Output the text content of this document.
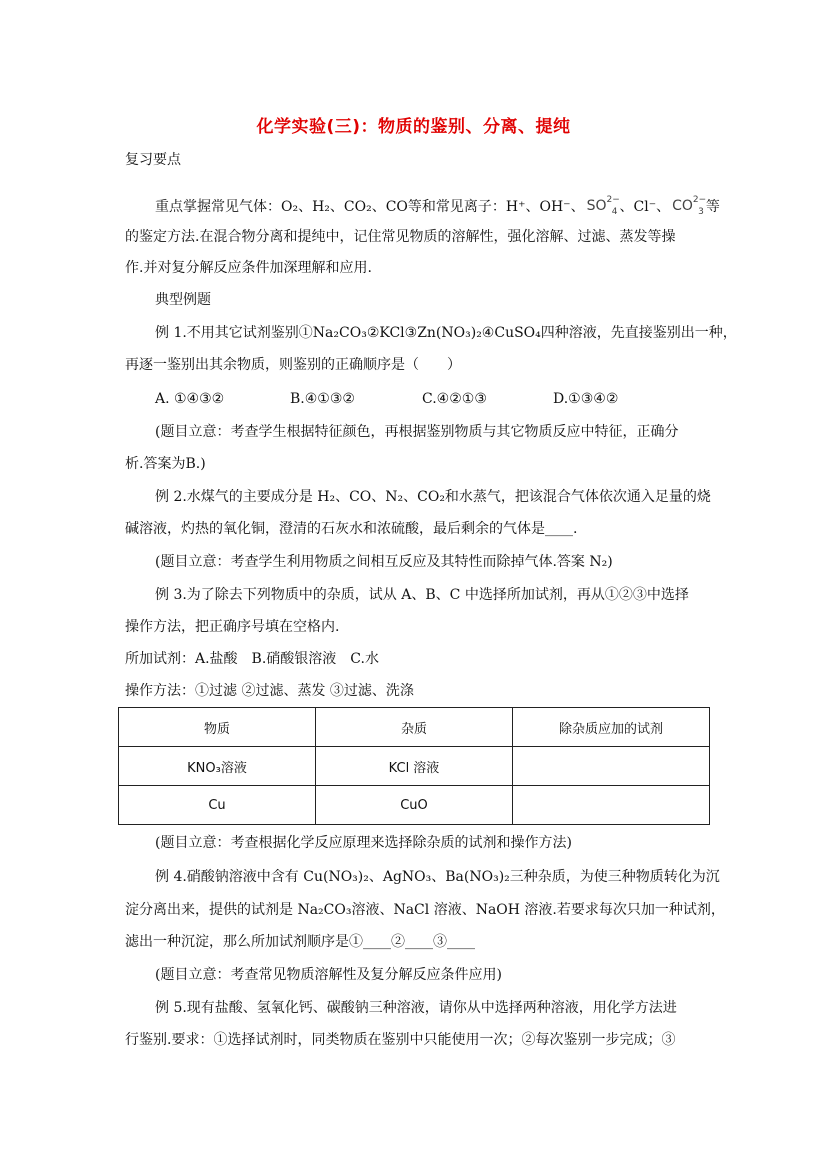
化学实验(三)：物质的鉴别、分离、提纯
复习要点
重点掌握常见气体：O₂、H₂、CO₂、CO等和常见离子：H⁺、OH⁻、 $SO^{2-}_4$ 、Cl⁻、 $CO^{2-}_3$ 等
的鉴定方法.在混合物分离和提纯中，记住常见物质的溶解性，强化溶解、过滤、蒸发等操
作.并对复分解反应条件加深理解和应用.
典型例题
例 1.不用其它试剂鉴别①Na₂CO₃②KCl③Zn(NO₃)₂④CuSO₄四种溶液，先直接鉴别出一种，
再逐一鉴别出其余物质，则鉴别的正确顺序是（　　）
A. ①④③②	B.④①③②	C.④②①③	D.①③④②
(题目立意：考查学生根据特征颜色，再根据鉴别物质与其它物质反应中特征，正确分
析.答案为B.)
例 2.水煤气的主要成分是 H₂、CO、N₂、CO₂和水蒸气，把该混合气体依次通入足量的烧
碱溶液，灼热的氧化铜，澄清的石灰水和浓硫酸，最后剩余的气体是____.
(题目立意：考查学生利用物质之间相互反应及其特性而除掉气体.答案 N₂)
例 3.为了除去下列物质中的杂质，试从 A、B、C 中选择所加试剂，再从①②③中选择
操作方法，把正确序号填在空格内.
所加试剂：A.盐酸　B.硝酸银溶液　C.水
操作方法：①过滤 ②过滤、蒸发 ③过滤、洗涤
物质	杂质	除杂质应加的试剂
KNO₃溶液	KCl 溶液	
Cu	CuO	
(题目立意：考查根据化学反应原理来选择除杂质的试剂和操作方法)
例 4.硝酸钠溶液中含有 Cu(NO₃)₂、AgNO₃、Ba(NO₃)₂三种杂质，为使三种物质转化为沉
淀分离出来，提供的试剂是 Na₂CO₃溶液、NaCl 溶液、NaOH 溶液.若要求每次只加一种试剂，
滤出一种沉淀，那么所加试剂顺序是①____②____③____
(题目立意：考查常见物质溶解性及复分解反应条件应用)
例 5.现有盐酸、氢氧化钙、碳酸钠三种溶液，请你从中选择两种溶液，用化学方法进
行鉴别.要求：①选择试剂时，同类物质在鉴别中只能使用一次；②每次鉴别一步完成；③
